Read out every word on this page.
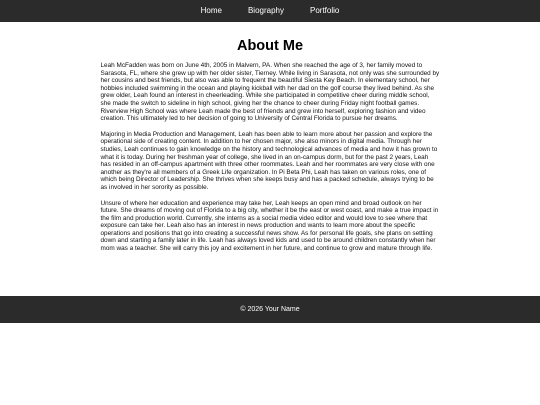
Home	Biography	Portfolio
About Me

Leah McFadden was born on June 4th, 2005 in Malvern, PA. When she reached the age of 3, her family moved to Sarasota, FL, where she grew up with her older sister, Tierney. While living in Sarasota, not only was she surrounded by her cousins and best friends, but also was able to frequent the beautiful Siesta Key Beach. In elementary school, her hobbies included swimming in the ocean and playing kickball with her dad on the golf course they lived behind. As she grew older, Leah found an interest in cheerleading. While she participated in competitive cheer during middle school, she made the switch to sideline in high school, giving her the chance to cheer during Friday night football games. Riverview High School was where Leah made the best of friends and grew into herself, exploring fashion and video creation. This ultimately led to her decision of going to University of Central Florida to pursue her dreams.

Majoring in Media Production and Management, Leah has been able to learn more about her passion and explore the operational side of creating content. In addition to her chosen major, she also minors in digital media. Through her studies, Leah continues to gain knowledge on the history and technological advances of media and how it has grown to what it is today. During her freshman year of college, she lived in an on-campus dorm, but for the past 2 years, Leah has resided in an off-campus apartment with three other roommates. Leah and her roommates are very close with one another as they're all members of a Greek Life organization. In Pi Beta Phi, Leah has taken on various roles, one of which being Director of Leadership. She thrives when she keeps busy and has a packed schedule, always trying to be as involved in her sorority as possible.

Unsure of where her education and experience may take her, Leah keeps an open mind and broad outlook on her future. She dreams of moving out of Florida to a big city, whether it be the east or west coast, and make a true impact in the film and production world. Currently, she interns as a social media video editor and would love to see where that exposure can take her. Leah also has an interest in news production and wants to learn more about the specific operations and positions that go into creating a successful news show. As for personal life goals, she plans on settling down and starting a family later in life. Leah has always loved kids and used to be around children constantly when her mom was a teacher. She will carry this joy and excitement in her future, and continue to grow and mature through life.

© 2026 Your Name
